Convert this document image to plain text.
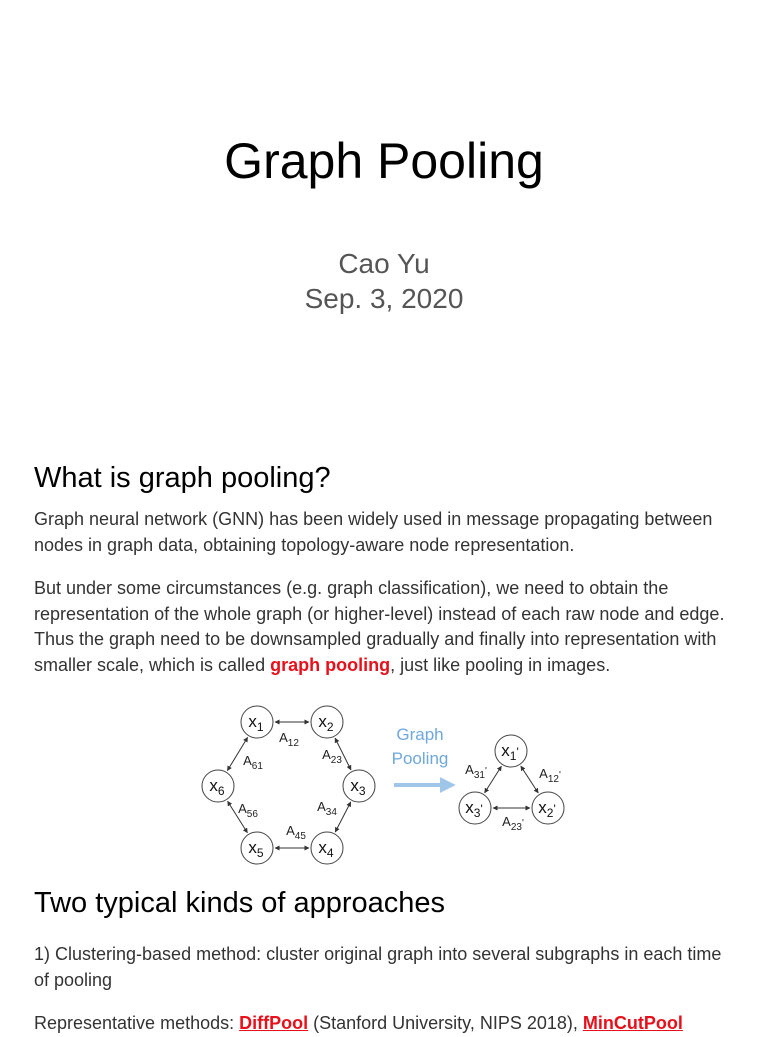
Graph Pooling
Cao Yu
Sep. 3, 2020
What is graph pooling?
Graph neural network (GNN) has been widely used in message propagating between nodes in graph data, obtaining topology-aware node representation.
But under some circumstances (e.g. graph classification), we need to obtain the representation of the whole graph (or higher-level) instead of each raw node and edge. Thus the graph need to be downsampled gradually and finally into representation with smaller scale, which is called graph pooling, just like pooling in images.
$x_1$	$x_2$
$x_3$
$x_4$
$x_5$
$x_6$
$x_1'$
$x_2'$
$x_3'$
$A_{12}$
$A_{23}$
$A_{34}$
$A_{45}$
$A_{56}$
$A_{61}$	$A_{12}'$
$A_{23}'$
$A_{31}'$
Graph
Pooling
Two typical kinds of approaches
1) Clustering-based method: cluster original graph into several subgraphs in each time of pooling
Representative methods: DiffPool (Stanford University, NIPS 2018), MinCutPool
